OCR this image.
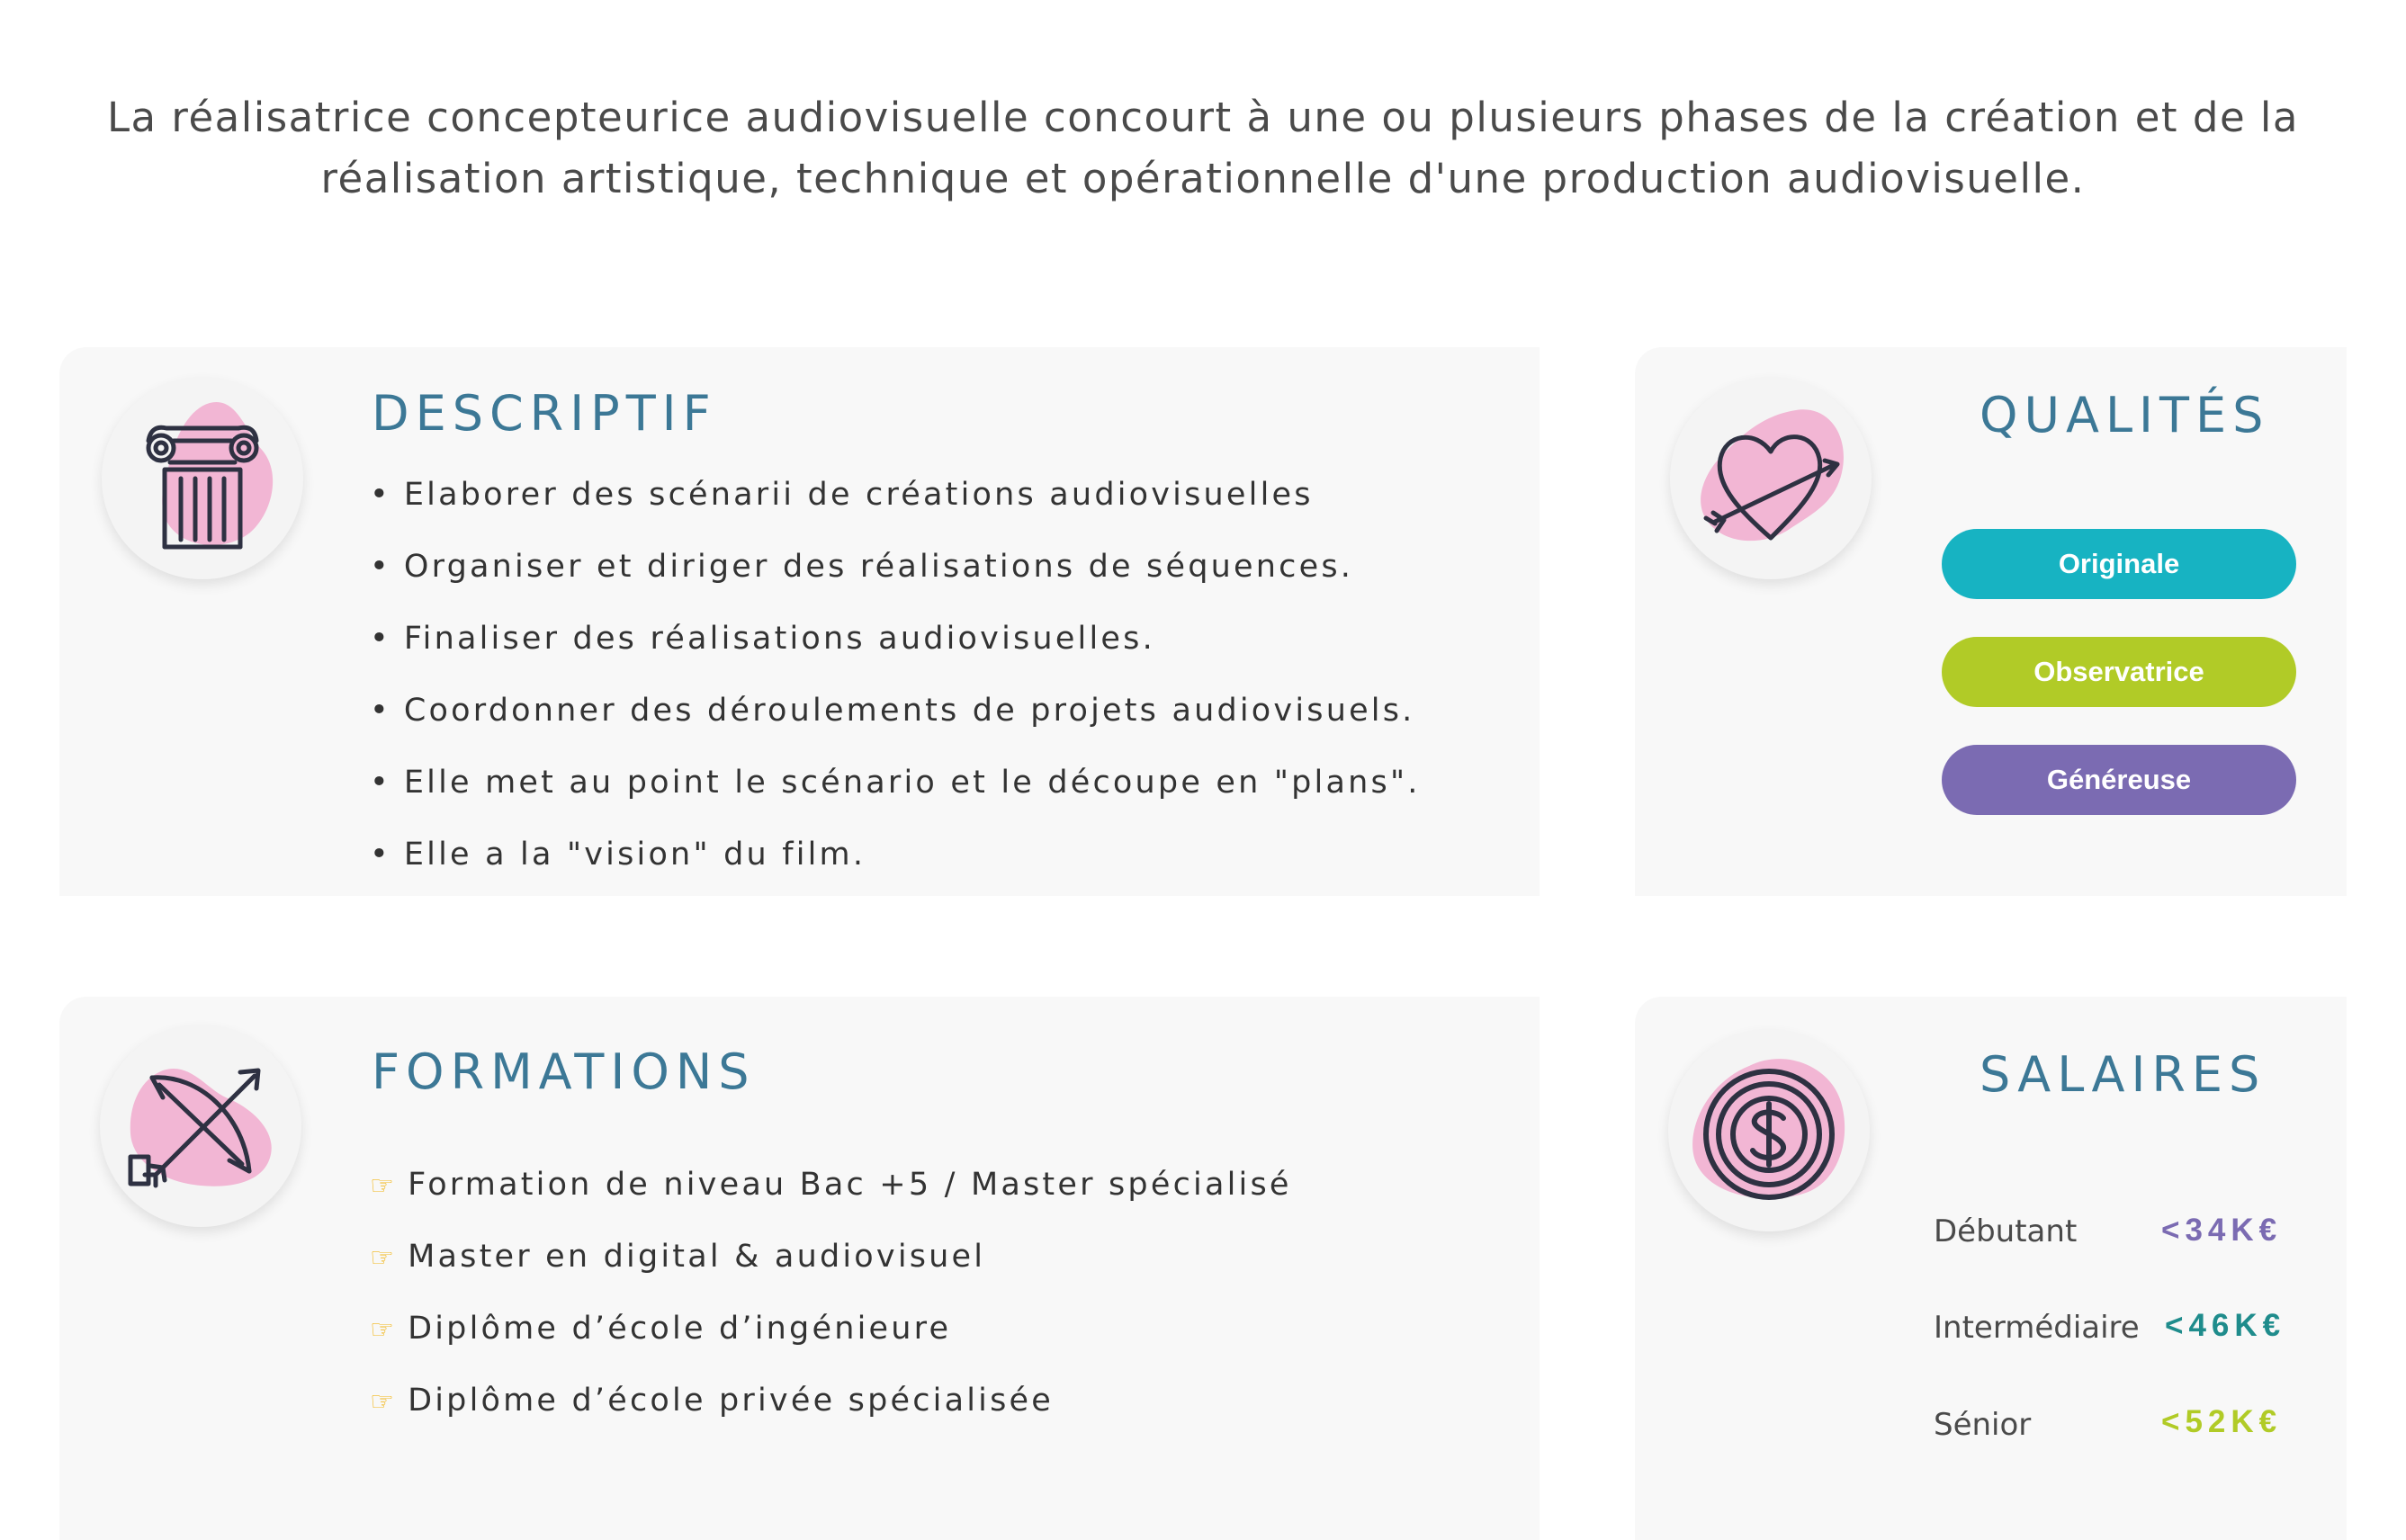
La réalisatrice concepteurice audiovisuelle concourt à une ou plusieurs phases de la création et de la réalisation artistique, technique et opérationnelle d'une production audiovisuelle.

DESCRIPTIF
• Elaborer des scénarii de créations audiovisuelles
• Organiser et diriger des réalisations de séquences.
• Finaliser des réalisations audiovisuelles.
• Coordonner des déroulements de projets audiovisuels.
• Elle met au point le scénario et le découpe en "plans".
• Elle a la "vision" du film.
QUALITÉS
Originale
Observatrice
Généreuse
FORMATIONS
☞ Formation de niveau Bac +5 / Master spécialisé
☞ Master en digital & audiovisuel
☞ Diplôme d’école d’ingénieure
☞ Diplôme d’école privée spécialisée
SALAIRES
Débutant	<34K€
Intermédiaire <46K€
Sénior	<52K€
